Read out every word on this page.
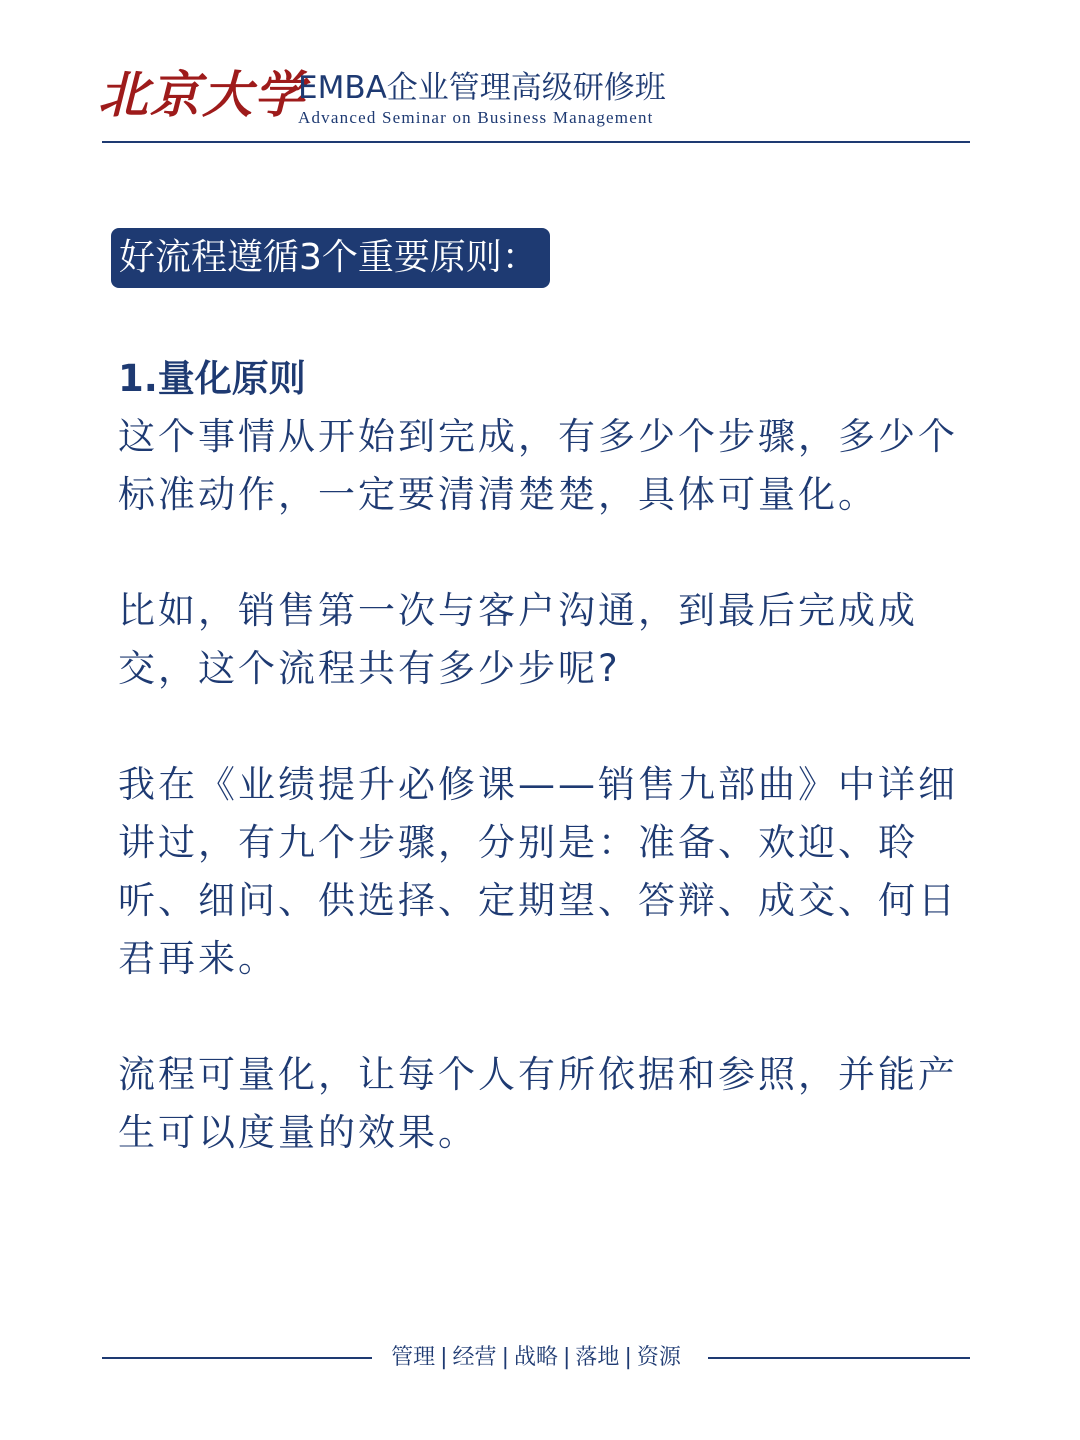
北京大学
EMBA企业管理高级研修班
Advanced Seminar on Business Management
好流程遵循3个重要原则：

1.量化原则

这个事情从开始到完成，有多少个步骤，多少个标准动作，一定要清清楚楚，具体可量化。

比如，销售第一次与客户沟通，到最后完成成交，这个流程共有多少步呢?

我在《业绩提升必修课——销售九部曲》中详细讲过，有九个步骤，分别是：准备、欢迎、聆听、细问、供选择、定期望、答辩、成交、何日君再来。

流程可量化，让每个人有所依据和参照，并能产生可以度量的效果。

管理 | 经营 | 战略 | 落地 | 资源
